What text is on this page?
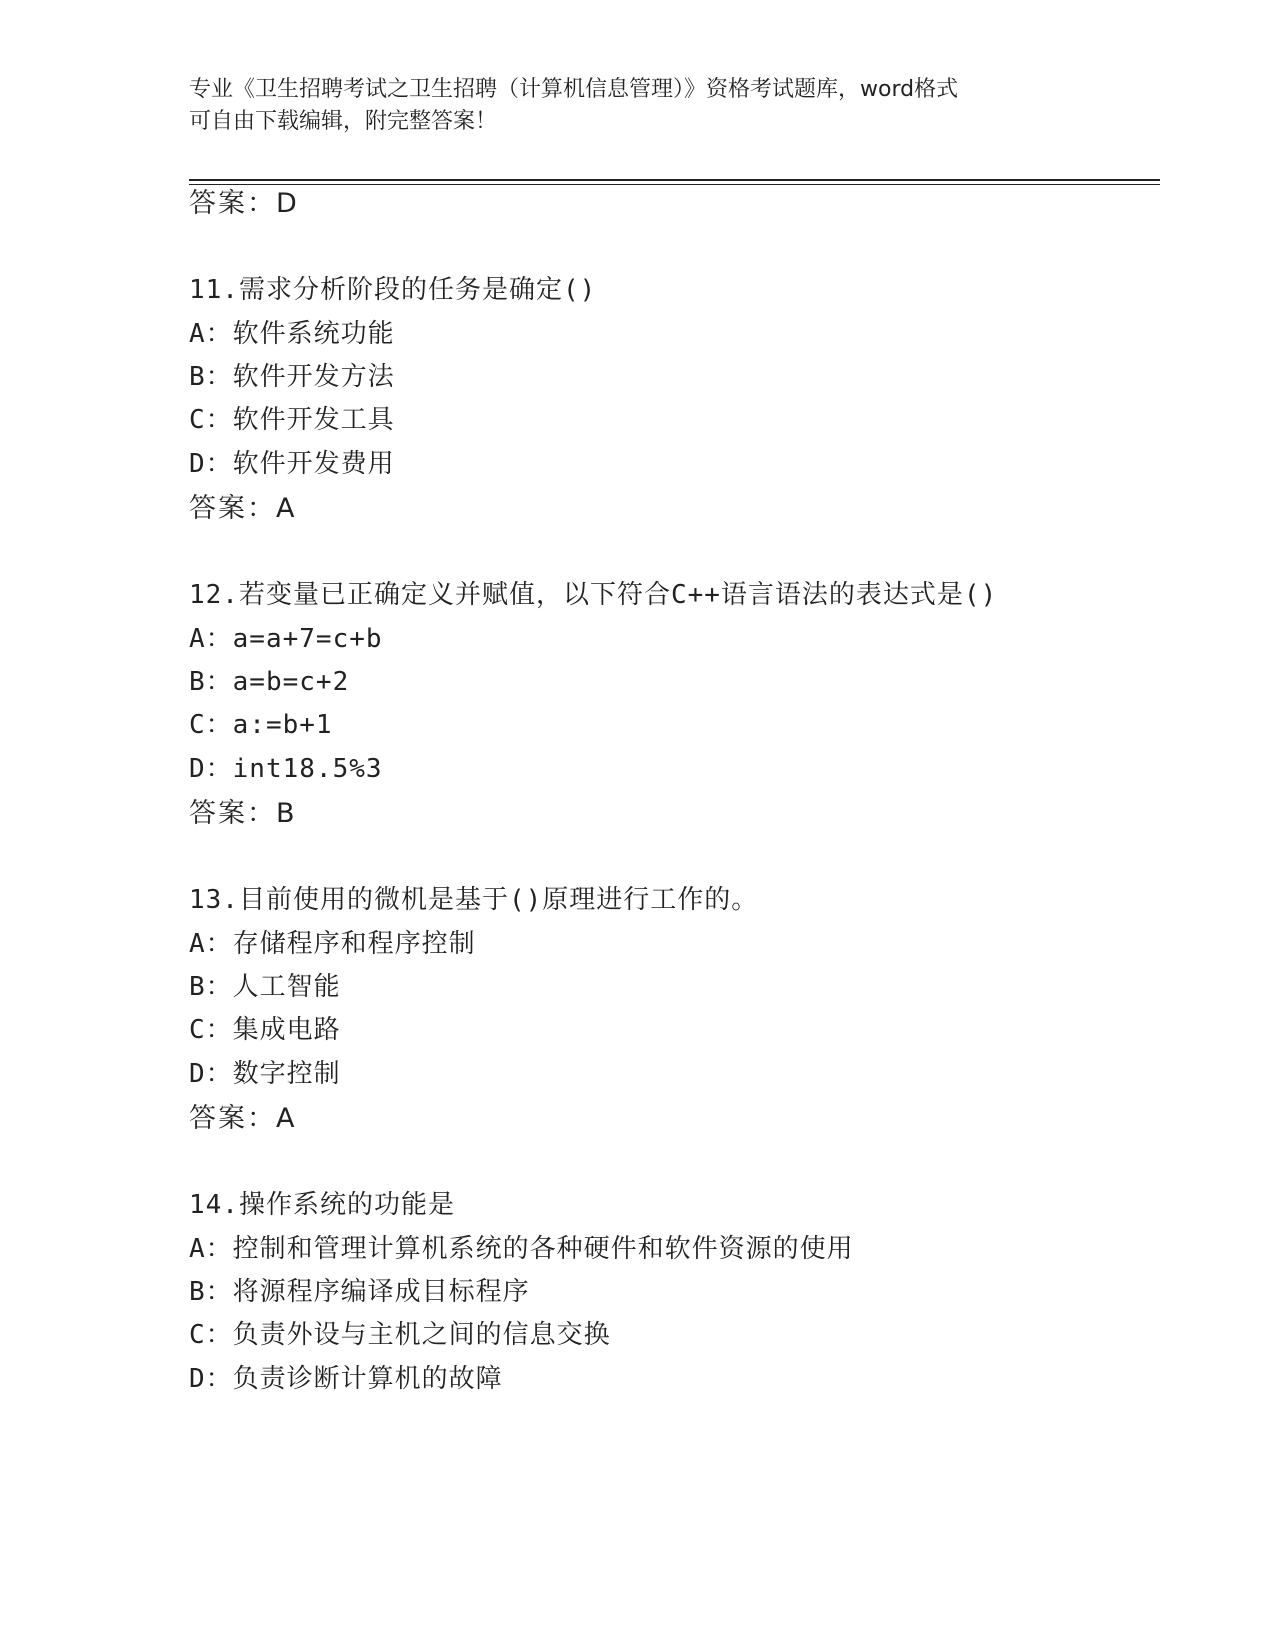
专业《卫生招聘考试之卫生招聘（计算机信息管理）》资格考试题库，word格式
可自由下载编辑，附完整答案！
答案：D
11.需求分析阶段的任务是确定()
A：软件系统功能
B：软件开发方法
C：软件开发工具
D：软件开发费用
答案：A
12.若变量已正确定义并赋值，以下符合C++语言语法的表达式是()
A：a=a+7=c+b
B：a=b=c+2
C：a:=b+1
D：int18.5%3
答案：B
13.目前使用的微机是基于()原理进行工作的。
A：存储程序和程序控制
B：人工智能
C：集成电路
D：数字控制
答案：A
14.操作系统的功能是
A：控制和管理计算机系统的各种硬件和软件资源的使用
B：将源程序编译成目标程序
C：负责外设与主机之间的信息交换
D：负责诊断计算机的故障
